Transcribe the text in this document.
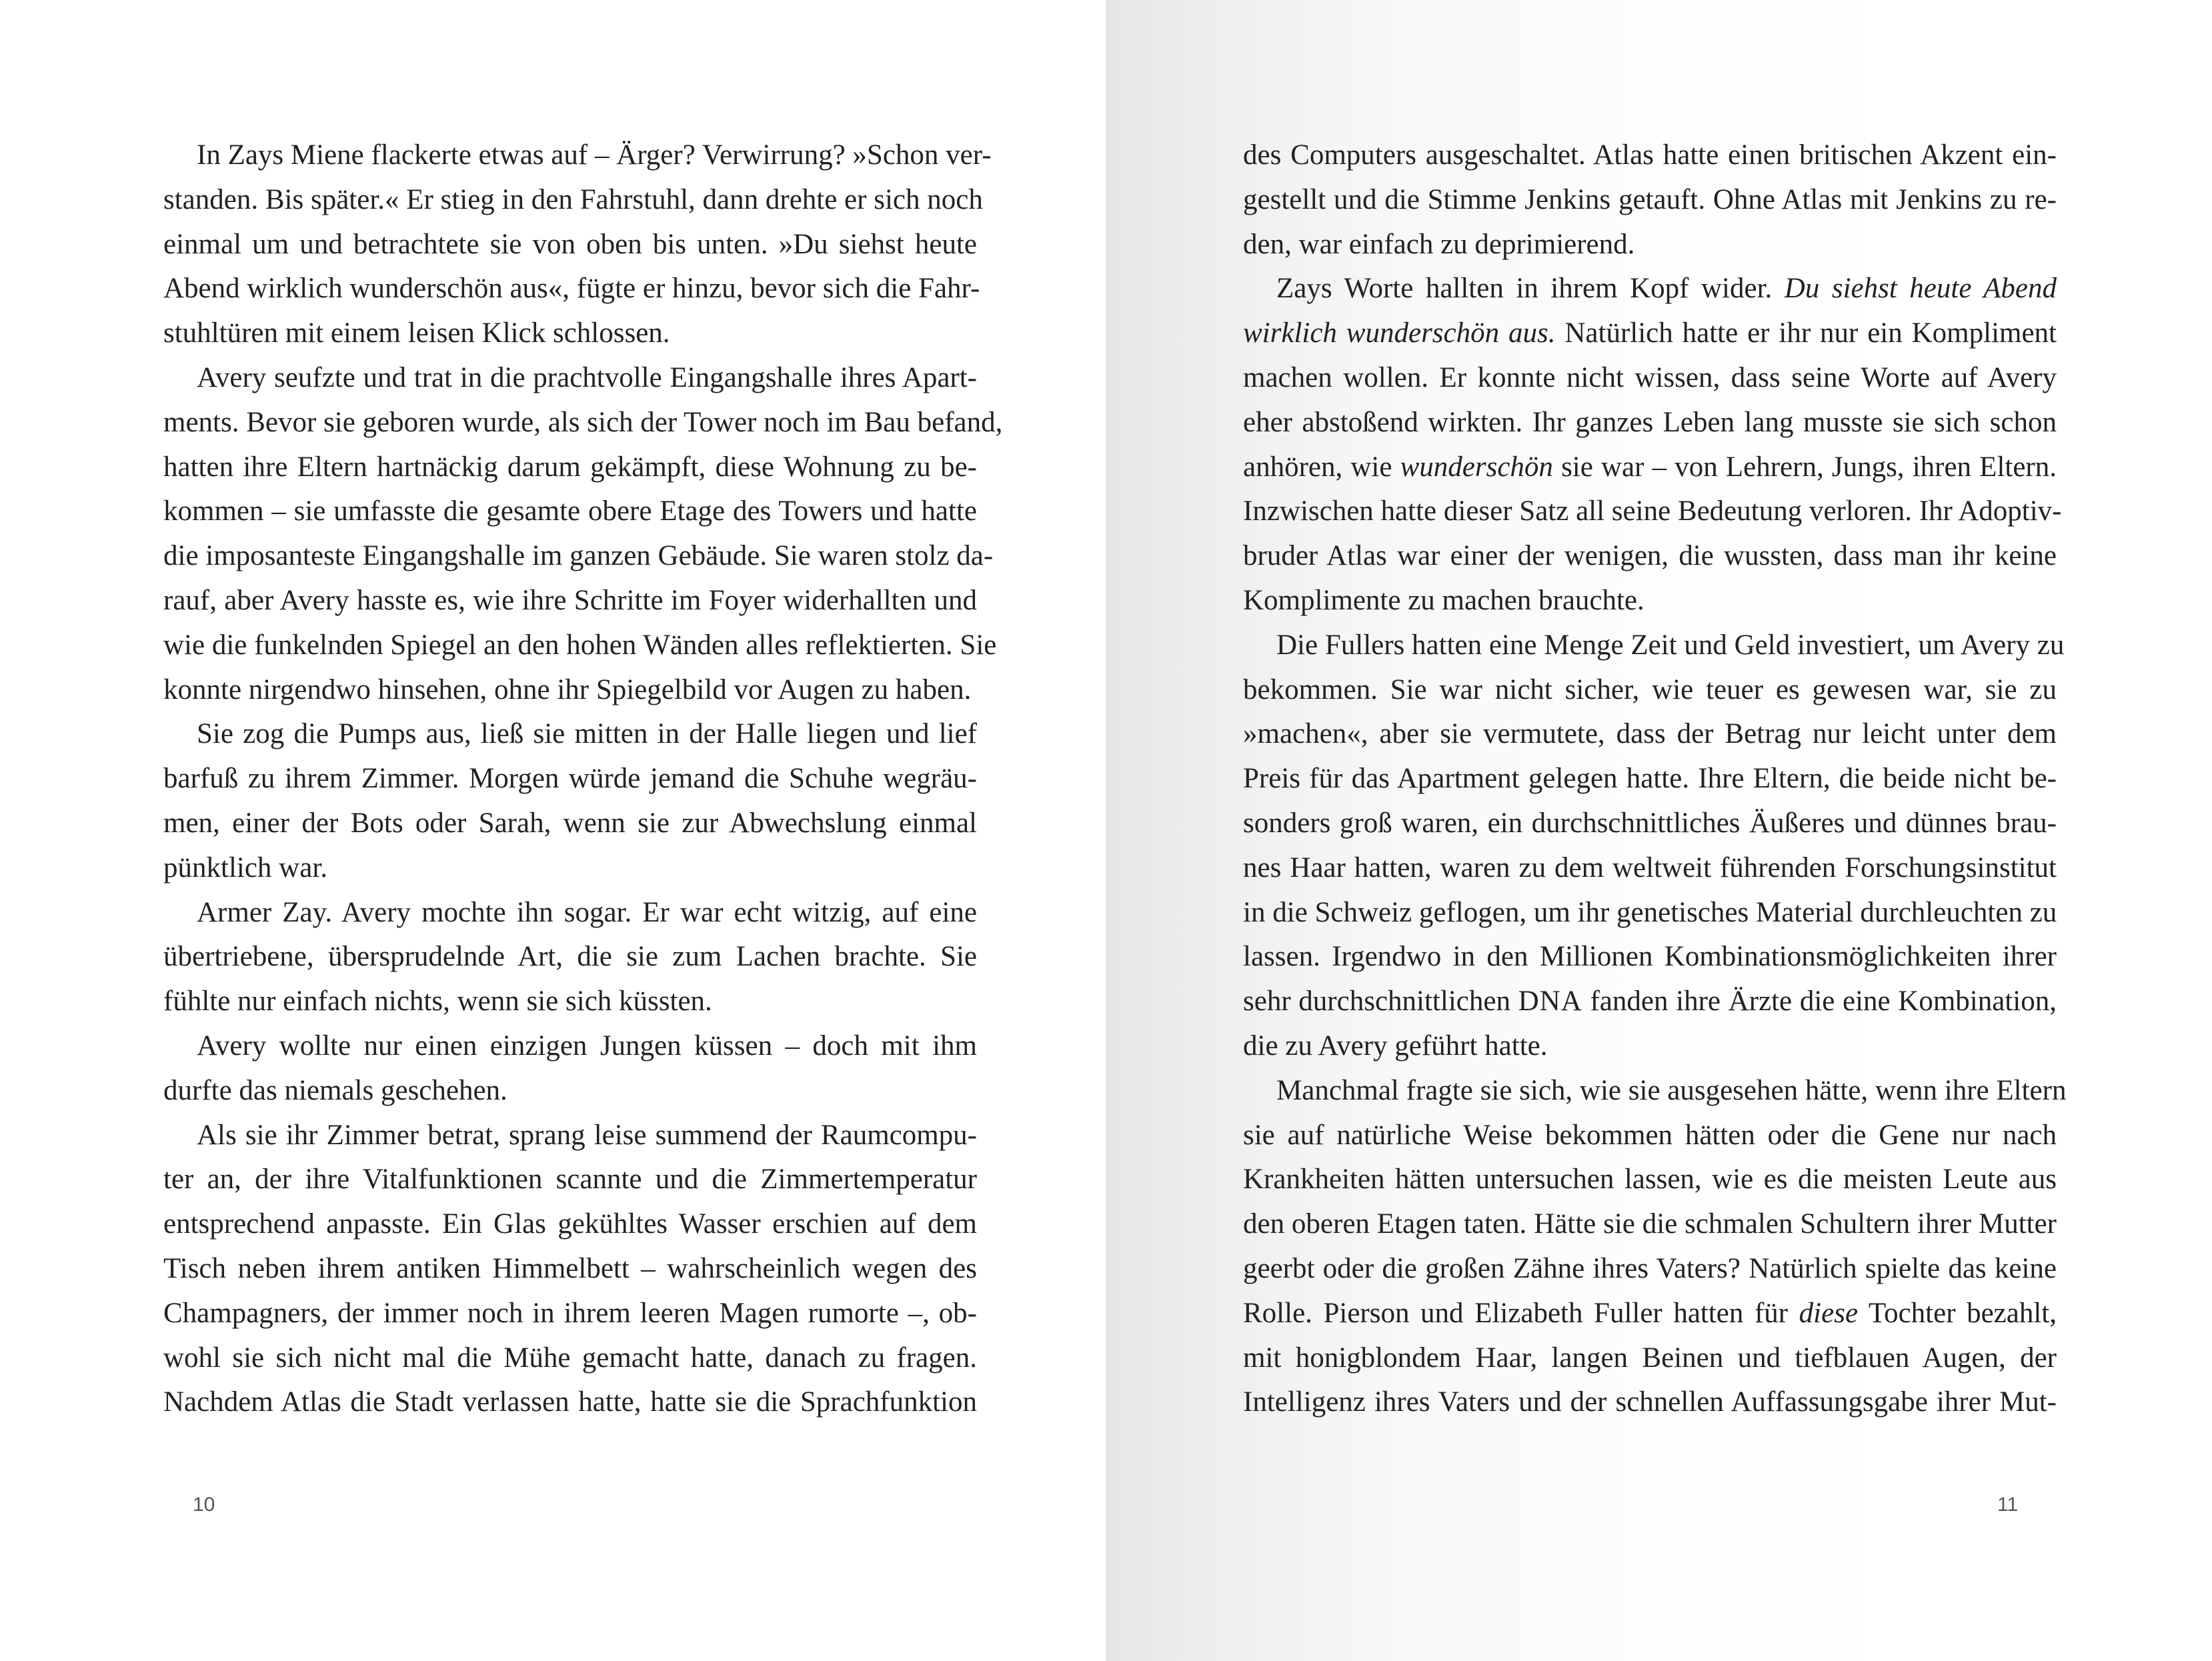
In Zays Miene flackerte etwas auf – Ärger? Verwirrung? »Schon ver-
standen. Bis später.« Er stieg in den Fahrstuhl, dann drehte er sich noch
einmal um und betrachtete sie von oben bis unten. »Du siehst heute
Abend wirklich wunderschön aus«, fügte er hinzu, bevor sich die Fahr-
stuhltüren mit einem leisen Klick schlossen.
Avery seufzte und trat in die prachtvolle Eingangshalle ihres Apart-
ments. Bevor sie geboren wurde, als sich der Tower noch im Bau befand,
hatten ihre Eltern hartnäckig darum gekämpft, diese Wohnung zu be-
kommen – sie umfasste die gesamte obere Etage des Towers und hatte
die imposanteste Eingangshalle im ganzen Gebäude. Sie waren stolz da-
rauf, aber Avery hasste es, wie ihre Schritte im Foyer widerhallten und
wie die funkelnden Spiegel an den hohen Wänden alles reflektierten. Sie
konnte nirgendwo hinsehen, ohne ihr Spiegelbild vor Augen zu haben.
Sie zog die Pumps aus, ließ sie mitten in der Halle liegen und lief
barfuß zu ihrem Zimmer. Morgen würde jemand die Schuhe wegräu-
men, einer der Bots oder Sarah, wenn sie zur Abwechslung einmal
pünktlich war.
Armer Zay. Avery mochte ihn sogar. Er war echt witzig, auf eine
übertriebene, übersprudelnde Art, die sie zum Lachen brachte. Sie
fühlte nur einfach nichts, wenn sie sich küssten.
Avery wollte nur einen einzigen Jungen küssen – doch mit ihm
durfte das niemals geschehen.
Als sie ihr Zimmer betrat, sprang leise summend der Raumcompu-
ter an, der ihre Vitalfunktionen scannte und die Zimmertemperatur
entsprechend anpasste. Ein Glas gekühltes Wasser erschien auf dem
Tisch neben ihrem antiken Himmelbett – wahrscheinlich wegen des
Champagners, der immer noch in ihrem leeren Magen rumorte –, ob-
wohl sie sich nicht mal die Mühe gemacht hatte, danach zu fragen.
Nachdem Atlas die Stadt verlassen hatte, hatte sie die Sprachfunktion
10
des Computers ausgeschaltet. Atlas hatte einen britischen Akzent ein-
gestellt und die Stimme Jenkins getauft. Ohne Atlas mit Jenkins zu re-
den, war einfach zu deprimierend.
Zays Worte hallten in ihrem Kopf wider. Du siehst heute Abend
wirklich wunderschön aus. Natürlich hatte er ihr nur ein Kompliment
machen wollen. Er konnte nicht wissen, dass seine Worte auf Avery
eher abstoßend wirkten. Ihr ganzes Leben lang musste sie sich schon
anhören, wie wunderschön sie war – von Lehrern, Jungs, ihren Eltern.
Inzwischen hatte dieser Satz all seine Bedeutung verloren. Ihr Adoptiv-
bruder Atlas war einer der wenigen, die wussten, dass man ihr keine
Komplimente zu machen brauchte.
Die Fullers hatten eine Menge Zeit und Geld investiert, um Avery zu
bekommen. Sie war nicht sicher, wie teuer es gewesen war, sie zu
»machen«, aber sie vermutete, dass der Betrag nur leicht unter dem
Preis für das Apartment gelegen hatte. Ihre Eltern, die beide nicht be-
sonders groß waren, ein durchschnittliches Äußeres und dünnes brau-
nes Haar hatten, waren zu dem weltweit führenden Forschungsinstitut
in die Schweiz geflogen, um ihr genetisches Material durchleuchten zu
lassen. Irgendwo in den Millionen Kombinationsmöglichkeiten ihrer
sehr durchschnittlichen DNA fanden ihre Ärzte die eine Kombination,
die zu Avery geführt hatte.
Manchmal fragte sie sich, wie sie ausgesehen hätte, wenn ihre Eltern
sie auf natürliche Weise bekommen hätten oder die Gene nur nach
Krankheiten hätten untersuchen lassen, wie es die meisten Leute aus
den oberen Etagen taten. Hätte sie die schmalen Schultern ihrer Mutter
geerbt oder die großen Zähne ihres Vaters? Natürlich spielte das keine
Rolle. Pierson und Elizabeth Fuller hatten für diese Tochter bezahlt,
mit honigblondem Haar, langen Beinen und tiefblauen Augen, der
Intelligenz ihres Vaters und der schnellen Auffassungsgabe ihrer Mut-
11
